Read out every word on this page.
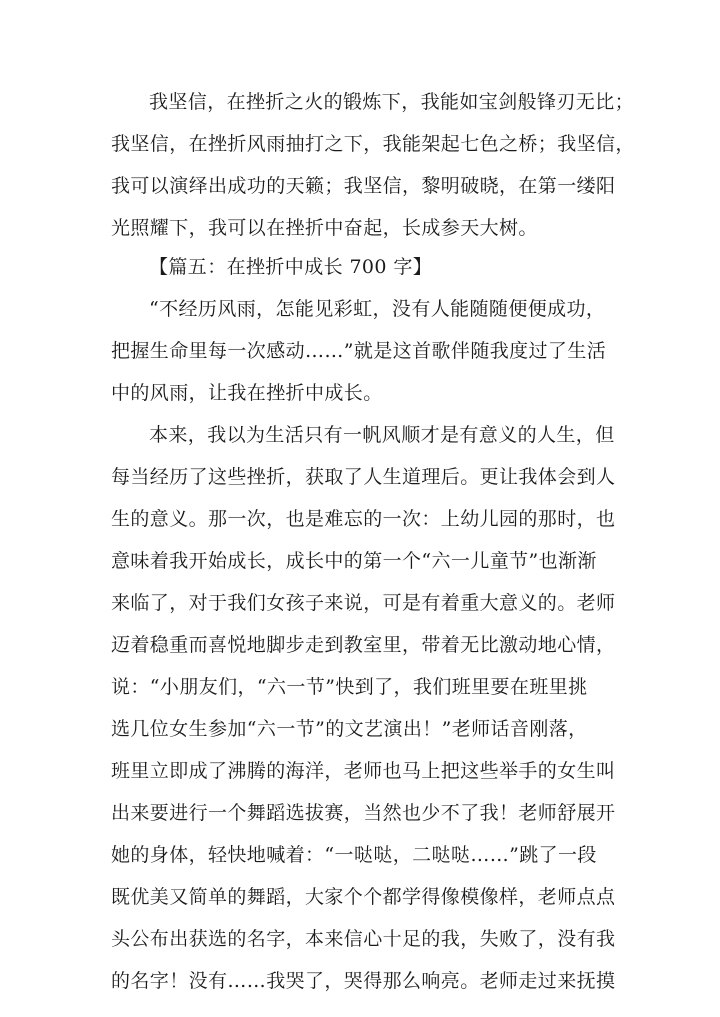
我坚信，在挫折之火的锻炼下，我能如宝剑般锋刃无比；
我坚信，在挫折风雨抽打之下，我能架起七色之桥；我坚信，
我可以演绎出成功的天籁；我坚信，黎明破晓，在第一缕阳
光照耀下，我可以在挫折中奋起，长成参天大树。
【篇五：在挫折中成长 700 字】
“不经历风雨，怎能见彩虹，没有人能随随便便成功，
把握生命里每一次感动……”就是这首歌伴随我度过了生活
中的风雨，让我在挫折中成长。
本来，我以为生活只有一帆风顺才是有意义的人生，但
每当经历了这些挫折，获取了人生道理后。更让我体会到人
生的意义。那一次，也是难忘的一次：上幼儿园的那时，也
意味着我开始成长，成长中的第一个“六一儿童节”也渐渐
来临了，对于我们女孩子来说，可是有着重大意义的。老师
迈着稳重而喜悦地脚步走到教室里，带着无比激动地心情，
说：“小朋友们，“六一节”快到了，我们班里要在班里挑
选几位女生参加“六一节”的文艺演出！”老师话音刚落，
班里立即成了沸腾的海洋，老师也马上把这些举手的女生叫
出来要进行一个舞蹈选拔赛，当然也少不了我！老师舒展开
她的身体，轻快地喊着：“一哒哒，二哒哒……”跳了一段
既优美又简单的舞蹈，大家个个都学得像模像样，老师点点
头公布出获选的名字，本来信心十足的我，失败了，没有我
的名字！没有……我哭了，哭得那么响亮。老师走过来抚摸
